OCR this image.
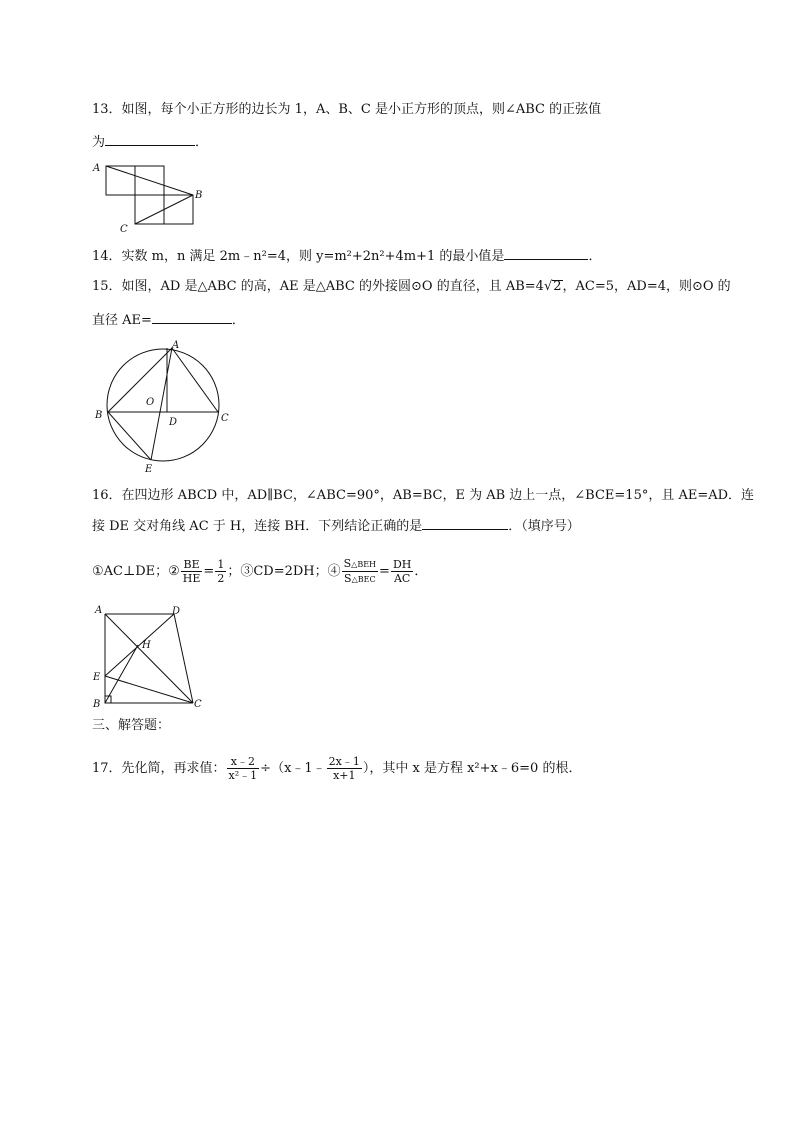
13．如图，每个小正方形的边长为 1，A、B、C 是小正方形的顶点，则∠ABC 的正弦值
为	．
A
B
C
14．实数 m，n 满足 2m﹣n²=4，则 y=m²+2n²+4m+1 的最小值是	．
15．如图，AD 是△ABC 的高，AE 是△ABC 的外接圆⊙O 的直径，且 AB=4√2，AC=5，AD=4，则⊙O 的
直径 AE=	．
A
B	C
O
D
E
16．在四边形 ABCD 中，AD∥BC，∠ABC=90°，AB=BC，E 为 AB 边上一点，∠BCE=15°，且 AE=AD．连
接 DE 交对角线 AC 于 H，连接 BH．下列结论正确的是	．（填序号）
①AC⊥DE；② $\frac{BE}{HE} = \frac{1}{2}$ ；③CD=2DH；④ $\frac{\text{S△BEH}}{\text{S△BEC}} = \frac{DH}{AC}$ ．
A	D
H
E
B	C
三、解答题：
17．先化简，再求值： $\frac{x﹣2}{\text{x²﹣1}}$ ÷（x﹣1﹣ $\frac{2x﹣1}{x+1}$ ），其中 x 是方程 x²+x﹣6=0 的根．
